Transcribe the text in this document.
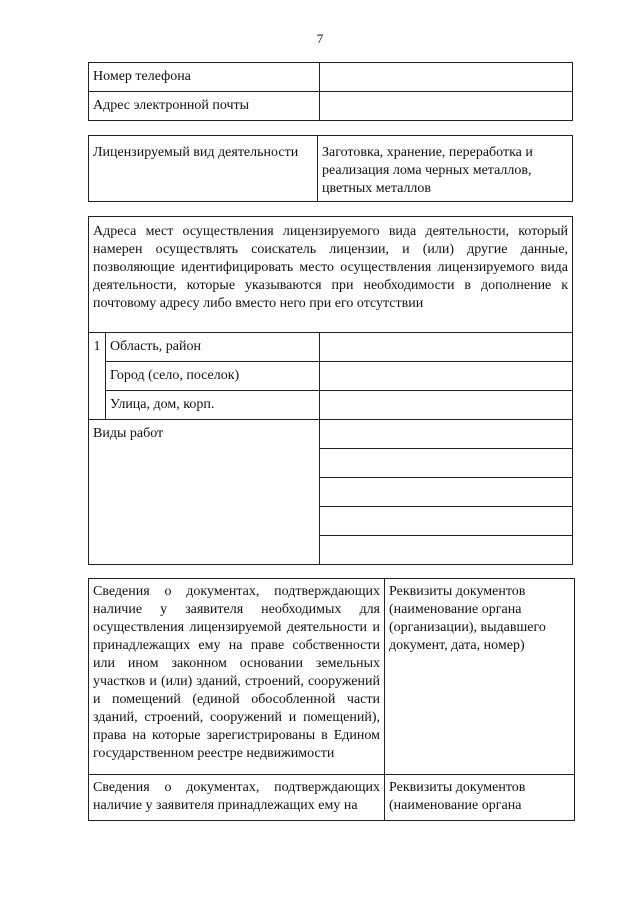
7
Номер телефона	
Адрес электронной почты	
Лицензируемый вид деятельности	Заготовка, хранение, переработка и реализация лома черных металлов, цветных металлов
Адреса мест осуществления лицензируемого вида деятельности, который намерен осуществлять соискатель лицензии, и (или) другие данные, позволяющие идентифицировать место осуществления лицензируемого вида деятельности, которые указываются при необходимости в дополнение к почтовому адресу либо вместо него при его отсутствии		
1	Область, район	
	Город (село, поселок)	
	Улица, дом, корп.	
Виды работ		

Сведения о документах, подтверждающих наличие у заявителя необходимых для осуществления лицензируемой деятельности и принадлежащих ему на праве собственности или ином законном основании земельных участков и (или) зданий, строений, сооружений и помещений (единой обособленной части зданий, строений, сооружений и помещений), права на которые зарегистрированы в Едином государственном реестре недвижимости	Реквизиты документов (наименование органа (организации), выдавшего документ, дата, номер)
Сведения о документах, подтверждающих наличие у заявителя принадлежащих ему на	Реквизиты документов (наименование органа
